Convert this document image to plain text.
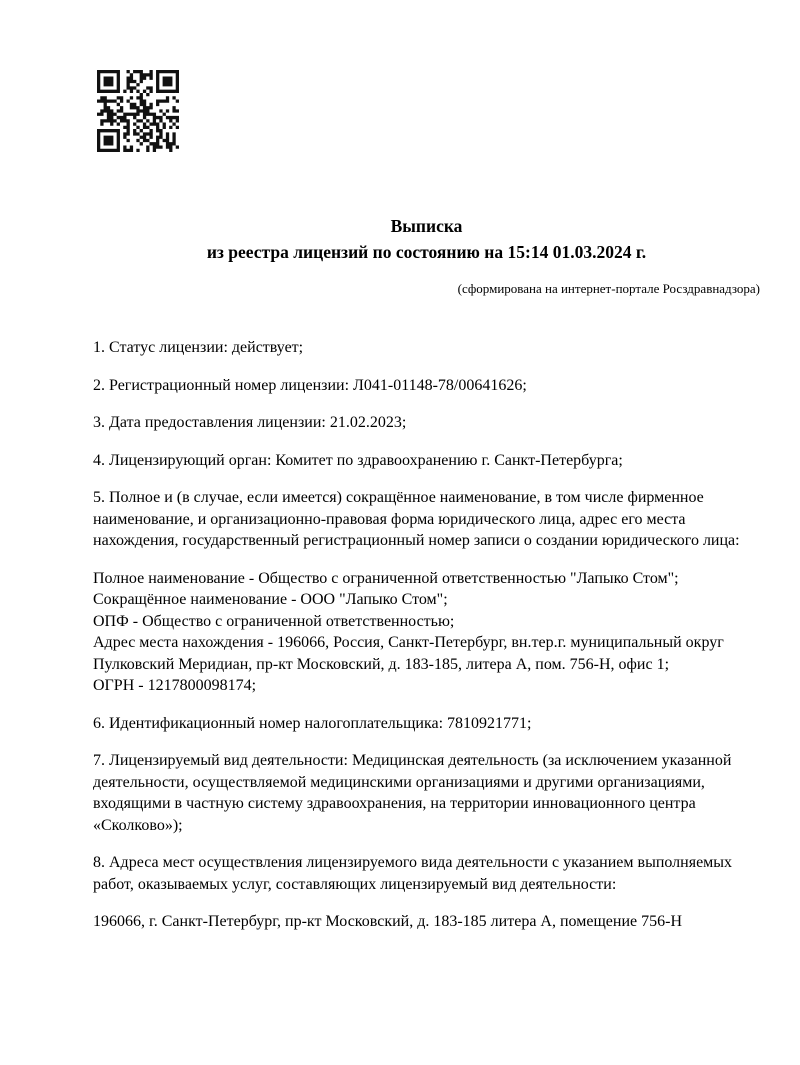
Выписка
из реестра лицензий по состоянию на 15:14 01.03.2024 г.
(сформирована на интернет-портале Росздравнадзора)

1. Статус лицензии: действует;

2. Регистрационный номер лицензии: Л041-01148-78/00641626;

3. Дата предоставления лицензии: 21.02.2023;

4. Лицензирующий орган: Комитет по здравоохранению г. Санкт-Петербурга;

5. Полное и (в случае, если имеется) сокращённое наименование, в том числе фирменное наименование, и организационно-правовая форма юридического лица, адрес его места нахождения, государственный регистрационный номер записи о создании юридического лица:

Полное наименование - Общество с ограниченной ответственностью "Лапыко Стом";
Сокращённое наименование - ООО "Лапыко Стом";
ОПФ - Общество с ограниченной ответственностью;
Адрес места нахождения - 196066, Россия, Санкт-Петербург, вн.тер.г. муниципальный округ Пулковский Меридиан, пр-кт Московский, д. 183-185, литера А, пом. 756-Н, офис 1;
ОГРН - 1217800098174;

6. Идентификационный номер налогоплательщика: 7810921771;

7. Лицензируемый вид деятельности: Медицинская деятельность (за исключением указанной деятельности, осуществляемой медицинскими организациями и другими организациями, входящими в частную систему здравоохранения, на территории инновационного центра «Сколково»);

8. Адреса мест осуществления лицензируемого вида деятельности с указанием выполняемых работ, оказываемых услуг, составляющих лицензируемый вид деятельности:

196066, г. Санкт-Петербург, пр-кт Московский, д. 183-185 литера А, помещение 756-Н
